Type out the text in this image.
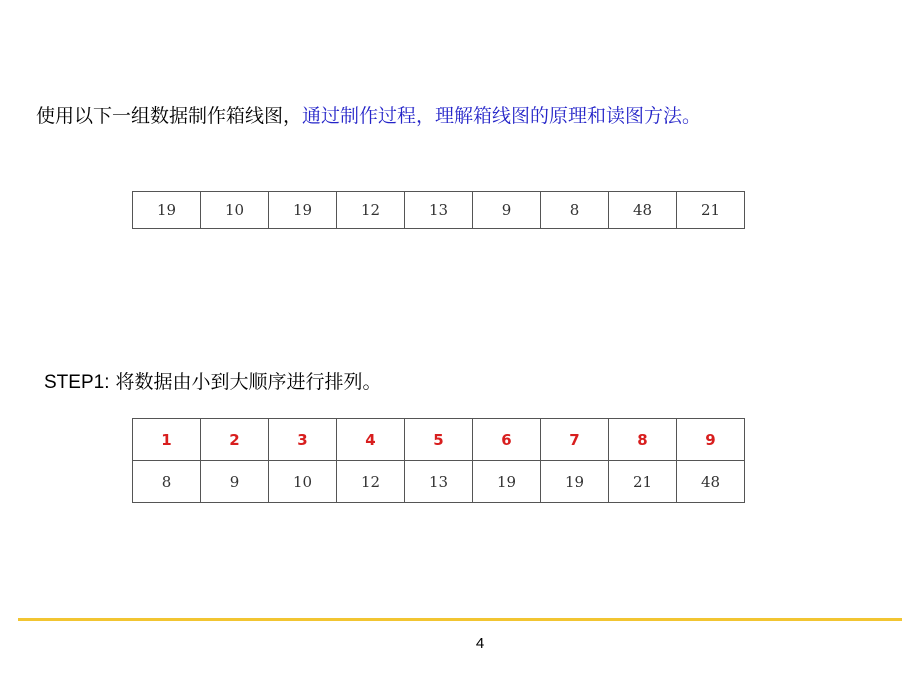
使用以下一组数据制作箱线图，通过制作过程，理解箱线图的原理和读图方法。
19	10	19	12	13	9	8	48	21
STEP1: 将数据由小到大顺序进行排列。
1	2	3	4	5	6	7	8	9
8	9	10	12	13	19	19	21	48
4
